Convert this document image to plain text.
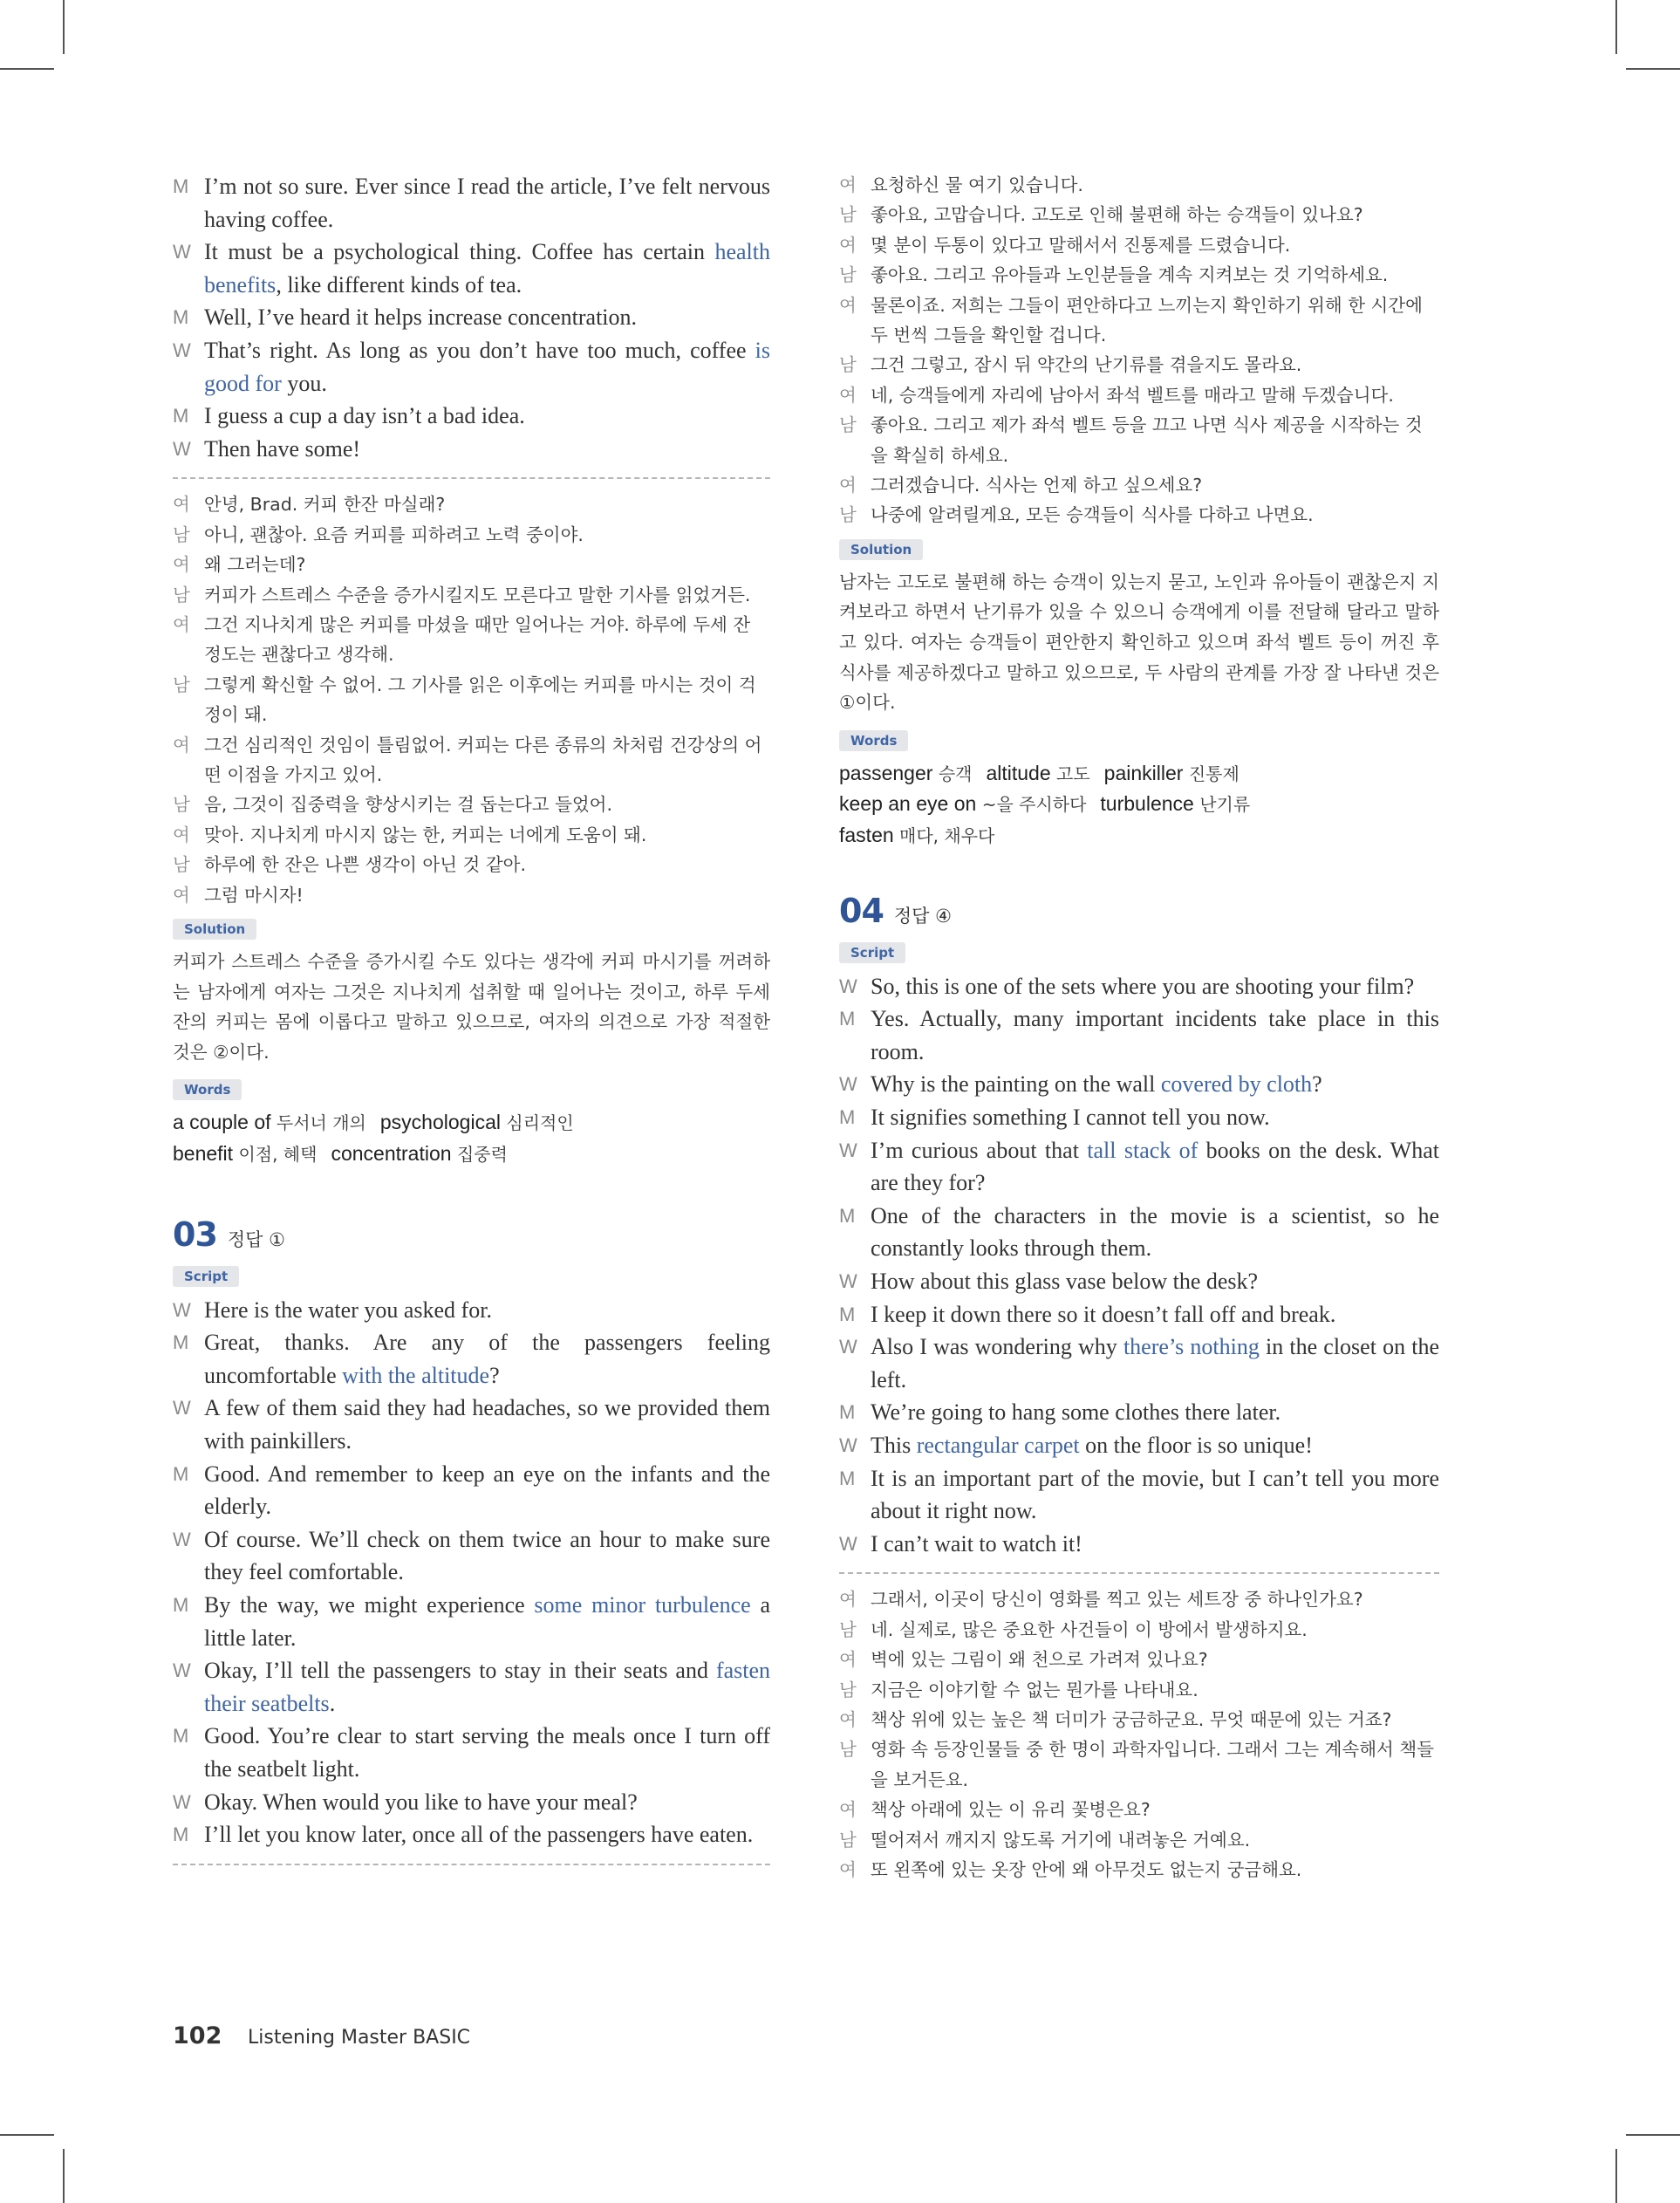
M I’m not so sure. Ever since I read the article, I’ve felt nervous having coffee.
W It must be a psychological thing. Coffee has certain health benefits, like different kinds of tea.
M Well, I’ve heard it helps increase concentration.
W That’s right. As long as you don’t have too much, coffee is good for you.
M I guess a cup a day isn’t a bad idea.
W Then have some!
여 안녕, Brad. 커피 한잔 마실래?
남 아니, 괜찮아. 요즘 커피를 피하려고 노력 중이야.
여 왜 그러는데?
남 커피가 스트레스 수준을 증가시킬지도 모른다고 말한 기사를 읽었거든.
여 그건 지나치게 많은 커피를 마셨을 때만 일어나는 거야. 하루에 두세 잔 정도는 괜찮다고 생각해.
남 그렇게 확신할 수 없어. 그 기사를 읽은 이후에는 커피를 마시는 것이 걱정이 돼.
여 그건 심리적인 것임이 틀림없어. 커피는 다른 종류의 차처럼 건강상의 어떤 이점을 가지고 있어.
남 음, 그것이 집중력을 향상시키는 걸 돕는다고 들었어.
여 맞아. 지나치게 마시지 않는 한, 커피는 너에게 도움이 돼.
남 하루에 한 잔은 나쁜 생각이 아닌 것 같아.
여 그럼 마시자!
Solution
커피가 스트레스 수준을 증가시킬 수도 있다는 생각에 커피 마시기를 꺼려하는 남자에게 여자는 그것은 지나치게 섭취할 때 일어나는 것이고, 하루 두세 잔의 커피는 몸에 이롭다고 말하고 있으므로, 여자의 의견으로 가장 적절한 것은 ②이다.
Words
a couple of 두서너 개의 psychological 심리적인
benefit 이점, 혜택 concentration 집중력
03 정답 ①
Script
W Here is the water you asked for.
M Great, thanks. Are any of the passengers feeling uncomfortable with the altitude?
W A few of them said they had headaches, so we provided them with painkillers.
M Good. And remember to keep an eye on the infants and the elderly.
W Of course. We’ll check on them twice an hour to make sure they feel comfortable.
M By the way, we might experience some minor turbulence a little later.
W Okay, I’ll tell the passengers to stay in their seats and fasten their seatbelts.
M Good. You’re clear to start serving the meals once I turn off the seatbelt light.
W Okay. When would you like to have your meal?
M I’ll let you know later, once all of the passengers have eaten.
여 요청하신 물 여기 있습니다.
남 좋아요, 고맙습니다. 고도로 인해 불편해 하는 승객들이 있나요?
여 몇 분이 두통이 있다고 말해서서 진통제를 드렸습니다.
남 좋아요. 그리고 유아들과 노인분들을 계속 지켜보는 것 기억하세요.
여 물론이죠. 저희는 그들이 편안하다고 느끼는지 확인하기 위해 한 시간에 두 번씩 그들을 확인할 겁니다.
남 그건 그렇고, 잠시 뒤 약간의 난기류를 겪을지도 몰라요.
여 네, 승객들에게 자리에 남아서 좌석 벨트를 매라고 말해 두겠습니다.
남 좋아요. 그리고 제가 좌석 벨트 등을 끄고 나면 식사 제공을 시작하는 것을 확실히 하세요.
여 그러겠습니다. 식사는 언제 하고 싶으세요?
남 나중에 알려릴게요, 모든 승객들이 식사를 다하고 나면요.
Solution
남자는 고도로 불편해 하는 승객이 있는지 묻고, 노인과 유아들이 괜찮은지 지켜보라고 하면서 난기류가 있을 수 있으니 승객에게 이를 전달해 달라고 말하고 있다. 여자는 승객들이 편안한지 확인하고 있으며 좌석 벨트 등이 꺼진 후 식사를 제공하겠다고 말하고 있으므로, 두 사람의 관계를 가장 잘 나타낸 것은 ①이다.
Words
passenger 승객 altitude 고도 painkiller 진통제
keep an eye on ~을 주시하다 turbulence 난기류
fasten 매다, 채우다
04 정답 ④
Script
W So, this is one of the sets where you are shooting your film?
M Yes. Actually, many important incidents take place in this room.
W Why is the painting on the wall covered by cloth?
M It signifies something I cannot tell you now.
W I’m curious about that tall stack of books on the desk. What are they for?
M One of the characters in the movie is a scientist, so he constantly looks through them.
W How about this glass vase below the desk?
M I keep it down there so it doesn’t fall off and break.
W Also I was wondering why there’s nothing in the closet on the left.
M We’re going to hang some clothes there later.
W This rectangular carpet on the floor is so unique!
M It is an important part of the movie, but I can’t tell you more about it right now.
W I can’t wait to watch it!
여 그래서, 이곳이 당신이 영화를 찍고 있는 세트장 중 하나인가요?
남 네. 실제로, 많은 중요한 사건들이 이 방에서 발생하지요.
여 벽에 있는 그림이 왜 천으로 가려져 있나요?
남 지금은 이야기할 수 없는 뭔가를 나타내요.
여 책상 위에 있는 높은 책 더미가 궁금하군요. 무엇 때문에 있는 거죠?
남 영화 속 등장인물들 중 한 명이 과학자입니다. 그래서 그는 계속해서 책들을 보거든요.
여 책상 아래에 있는 이 유리 꽃병은요?
남 떨어져서 깨지지 않도록 거기에 내려놓은 거예요.
여 또 왼쪽에 있는 옷장 안에 왜 아무것도 없는지 궁금해요.
102 Listening Master BASIC
